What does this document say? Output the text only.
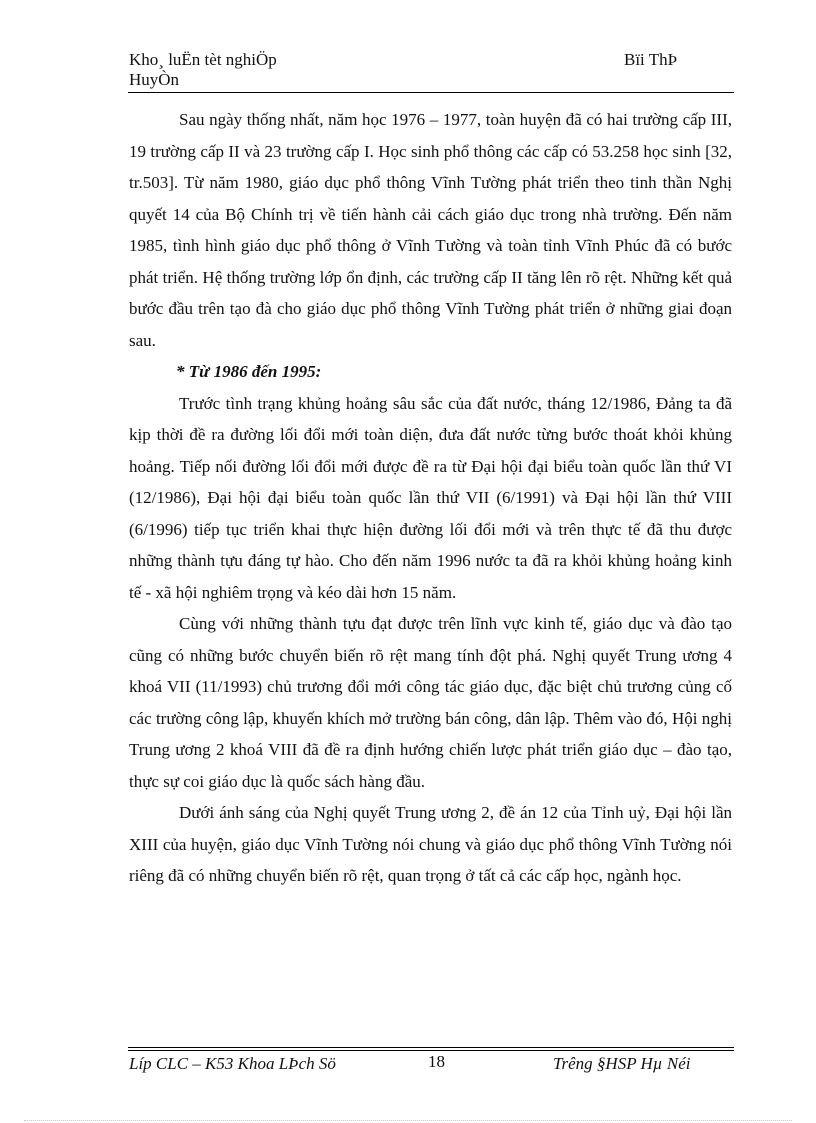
Kho¸ luËn tèt nghiÖp
HuyÒn
Bïi ThÞ

Sau ngày thống nhất, năm học 1976 – 1977, toàn huyện đã có hai trường cấp III, 19 trường cấp II và 23 trường cấp I. Học sinh phổ thông các cấp có 53.258 học sinh [32, tr.503]. Từ năm 1980, giáo dục phổ thông Vĩnh Tường phát triển theo tinh thần Nghị quyết 14 của Bộ Chính trị về tiến hành cải cách giáo dục trong nhà trường. Đến năm 1985, tình hình giáo dục phổ thông ở Vĩnh Tường và toàn tỉnh Vĩnh Phúc đã có bước phát triển. Hệ thống trường lớp ổn định, các trường cấp II tăng lên rõ rệt. Những kết quả bước đầu trên tạo đà cho giáo dục phổ thông Vĩnh Tường phát triển ở những giai đoạn sau.

* Từ 1986 đến 1995:

Trước tình trạng khủng hoảng sâu sắc của đất nước, tháng 12/1986, Đảng ta đã kịp thời đề ra đường lối đổi mới toàn diện, đưa đất nước từng bước thoát khỏi khủng hoảng. Tiếp nối đường lối đổi mới được đề ra từ Đại hội đại biểu toàn quốc lần thứ VI (12/1986), Đại hội đại biểu toàn quốc lần thứ VII (6/1991) và Đại hội lần thứ VIII (6/1996) tiếp tục triển khai thực hiện đường lối đổi mới và trên thực tế đã thu được những thành tựu đáng tự hào. Cho đến năm 1996 nước ta đã ra khỏi khủng hoảng kinh tế - xã hội nghiêm trọng và kéo dài hơn 15 năm.

Cùng với những thành tựu đạt được trên lĩnh vực kinh tế, giáo dục và đào tạo cũng có những bước chuyển biến rõ rệt mang tính đột phá. Nghị quyết Trung ương 4 khoá VII (11/1993) chủ trương đổi mới công tác giáo dục, đặc biệt chủ trương củng cố các trường công lập, khuyến khích mở trường bán công, dân lập. Thêm vào đó, Hội nghị Trung ương 2 khoá VIII đã đề ra định hướng chiến lược phát triển giáo dục – đào tạo, thực sự coi giáo dục là quốc sách hàng đầu.

Dưới ánh sáng của Nghị quyết Trung ương 2, đề án 12 của Tỉnh uỷ, Đại hội lần XIII của huyện, giáo dục Vĩnh Tường nói chung và giáo dục phổ thông Vĩnh Tường nói riêng đã có những chuyển biến rõ rệt, quan trọng ở tất cả các cấp học, ngành học.

Líp CLC – K53 Khoa LÞch Sö	18	Trêng §HSP Hµ Néi
